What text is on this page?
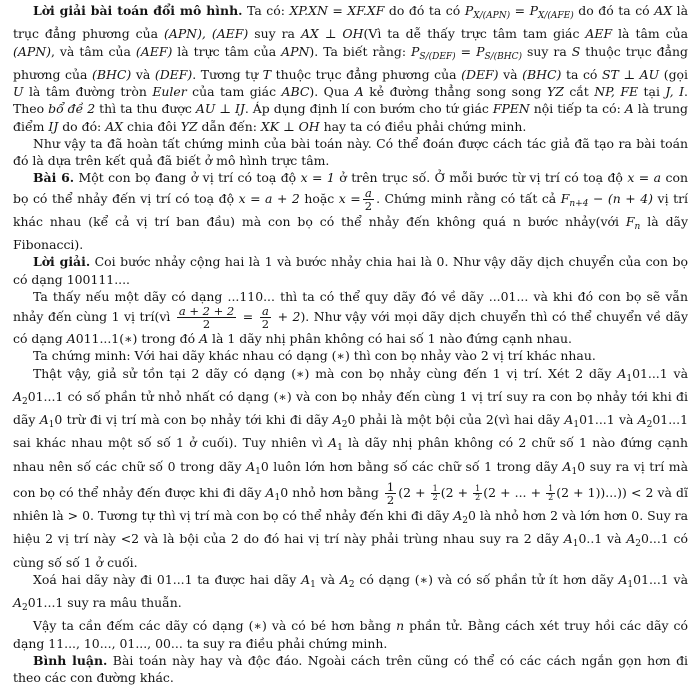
Lời giải bài toán đổi mô hình. Ta có: XP.XN = XF.XF do đó ta có $P_{X/(APN)} = P_{X/(AFE)}$ do đó ta có AX là trục đẳng phương của (APN), (AEF) suy ra AX ⊥ OH(Vì ta dễ thấy trực tâm tam giác AEF là tâm của (APN), và tâm của (AEF) là trực tâm của APN). Ta biết rằng: $P_{S/(DEF)} = P_{S/(BHC)}$ suy ra S thuộc trục đẳng phương của (BHC) và (DEF). Tương tự T thuộc trục đẳng phương của (DEF) và (BHC) ta có ST ⊥ AU (gọi U là tâm đường tròn Euler của tam giác ABC). Qua A kẻ đường thẳng song song YZ cắt NP, FE tại J, I. Theo bổ đề 2 thì ta thu được AU ⊥ IJ. Áp dụng định lí con bướm cho tứ giác FPEN nội tiếp ta có: A là trung điểm IJ do đó: AX chia đôi YZ dẫn đến: XK ⊥ OH hay ta có điều phải chứng minh.

Như vậy ta đã hoàn tất chứng minh của bài toán này. Có thể đoán được cách tác giả đã tạo ra bài toán đó là dựa trên kết quả đã biết ở mô hình trực tâm.

Bài 6. Một con bọ đang ở vị trí có toạ độ x = 1 ở trên trục số. Ở mỗi bước từ vị trí có toạ độ x = a con bọ có thể nhảy đến vị trí có toạ độ x = a + 2 hoặc $x = \frac{a}{2}$ . Chứng minh rằng có tất cả $F_{n+4} - (n + 4)$ vị trí khác nhau (kể cả vị trí ban đầu) mà con bọ có thể nhảy đến không quá n bước nhảy(với $F_n$ là dãy Fibonacci).

Lời giải. Coi bước nhảy cộng hai là 1 và bước nhảy chia hai là 0. Như vậy dãy dịch chuyển của con bọ có dạng 100111....

Ta thấy nếu một dãy có dạng ...110... thì ta có thể quy dãy đó về dãy ...01... và khi đó con bọ sẽ vẫn nhảy đến cùng 1 vị trí(vì $\frac{a + 2 + 2}{2} = \frac{a}{2} + 2$). Như vậy với mọi dãy dịch chuyển thì có thể chuyển về dãy có dạng A011...1(∗) trong đó A là 1 dãy nhị phân không có hai số 1 nào đứng cạnh nhau.

Ta chứng minh: Với hai dãy khác nhau có dạng (∗) thì con bọ nhảy vào 2 vị trí khác nhau.

Thật vậy, giả sử tồn tại 2 dãy có dạng (∗) mà con bọ nhảy cùng đến 1 vị trí. Xét 2 dãy $A_101...1$ và $A_201...1$ có số phần tử nhỏ nhất có dạng (∗) và con bọ nhảy đến cùng 1 vị trí suy ra con bọ nhảy tới khi đi dãy $A_10$ trừ đi vị trí mà con bọ nhảy tới khi đi dãy $A_20$ phải là một bội của 2(vì hai dãy $A_101...1$ và $A_201...1$ sai khác nhau một số số 1 ở cuối). Tuy nhiên vì $A_1$ là dãy nhị phân không có 2 chữ số 1 nào đứng cạnh nhau nên số các chữ số 0 trong dãy $A_10$ luôn lớn hơn bằng số các chữ số 1 trong dãy $A_10$ suy ra vị trí mà con bọ có thể nhảy đến được khi đi dãy $A_10$ nhỏ hơn bằng $\frac{1}{2} (2 + \frac{1}{2} (2 + \frac{1}{2} (2$ + ... + $\frac{1}{2} (2 + 1))...)) < 2$ và dĩ nhiên là > 0. Tương tự thì vị trí mà con bọ có thể nhảy đến khi đi dãy $A_20$ là nhỏ hơn 2 và lớn hơn 0. Suy ra hiệu 2 vị trí này <2 và là bội của 2 do đó hai vị trí này phải trùng nhau suy ra 2 dãy $A_10..1$ và $A_20...1$ có cùng số số 1 ở cuối.

Xoá hai dãy này đi 01...1 ta được hai dãy $A_1$ và $A_2$ có dạng (∗) và có số phần tử ít hơn dãy $A_101...1$ và $A_201...1$ suy ra mâu thuẫn.

Vậy ta cần đếm các dãy có dạng (∗) và có bé hơn bằng n phần tử. Bằng cách xét truy hồi các dãy có dạng 11..., 10..., 01..., 00... ta suy ra điều phải chứng minh.

Bình luận. Bài toán này hay và độc đáo. Ngoài cách trên cũng có thể có các cách ngắn gọn hơn đi theo các con đường khác.
